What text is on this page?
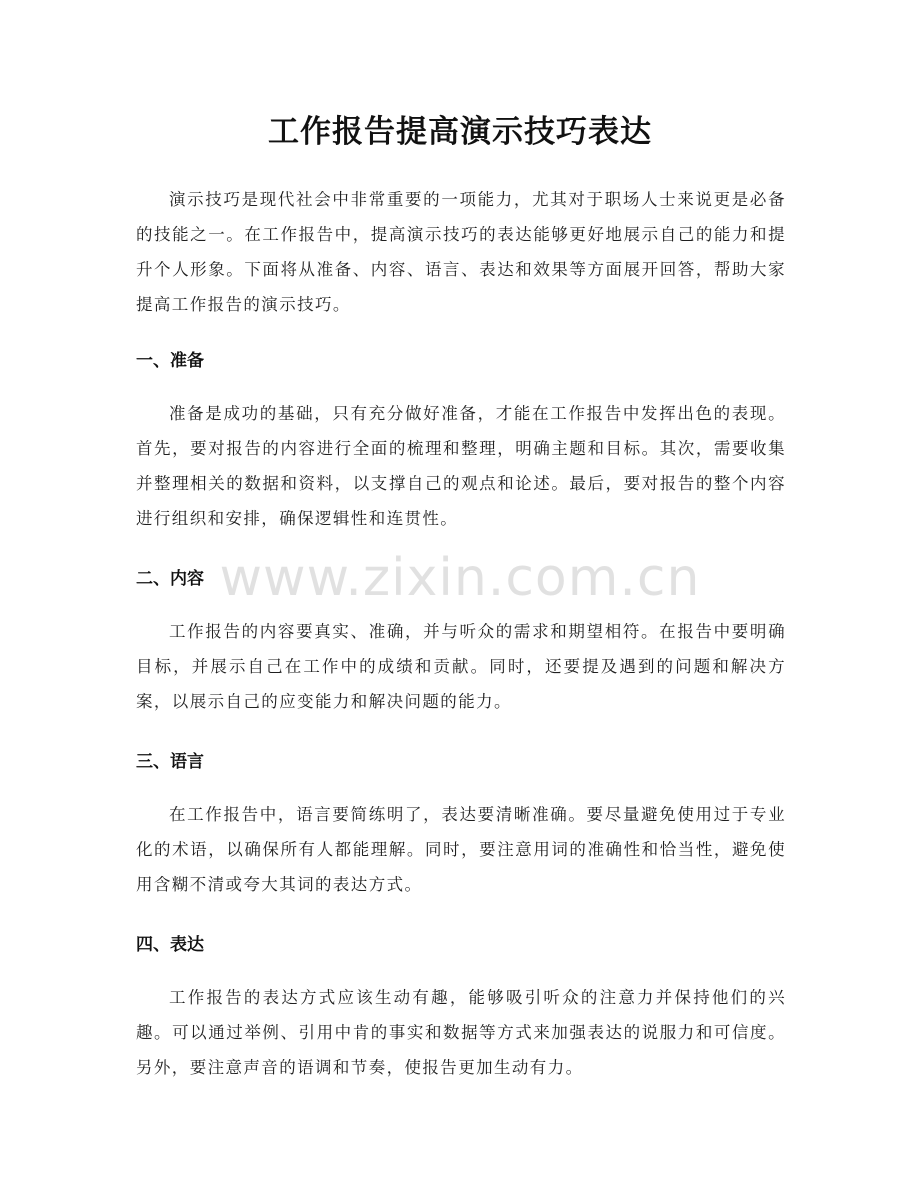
工作报告提高演示技巧表达

演示技巧是现代社会中非常重要的一项能力，尤其对于职场人士来说更是必备的技能之一。在工作报告中，提高演示技巧的表达能够更好地展示自己的能力和提升个人形象。下面将从准备、内容、语言、表达和效果等方面展开回答，帮助大家提高工作报告的演示技巧。

一、准备

准备是成功的基础，只有充分做好准备，才能在工作报告中发挥出色的表现。首先，要对报告的内容进行全面的梳理和整理，明确主题和目标。其次，需要收集并整理相关的数据和资料，以支撑自己的观点和论述。最后，要对报告的整个内容进行组织和安排，确保逻辑性和连贯性。

二、内容

工作报告的内容要真实、准确，并与听众的需求和期望相符。在报告中要明确目标，并展示自己在工作中的成绩和贡献。同时，还要提及遇到的问题和解决方案，以展示自己的应变能力和解决问题的能力。

三、语言

在工作报告中，语言要简练明了，表达要清晰准确。要尽量避免使用过于专业化的术语，以确保所有人都能理解。同时，要注意用词的准确性和恰当性，避免使用含糊不清或夸大其词的表达方式。

四、表达

工作报告的表达方式应该生动有趣，能够吸引听众的注意力并保持他们的兴趣。可以通过举例、引用中肯的事实和数据等方式来加强表达的说服力和可信度。另外，要注意声音的语调和节奏，使报告更加生动有力。

www.zixin.com.cn
